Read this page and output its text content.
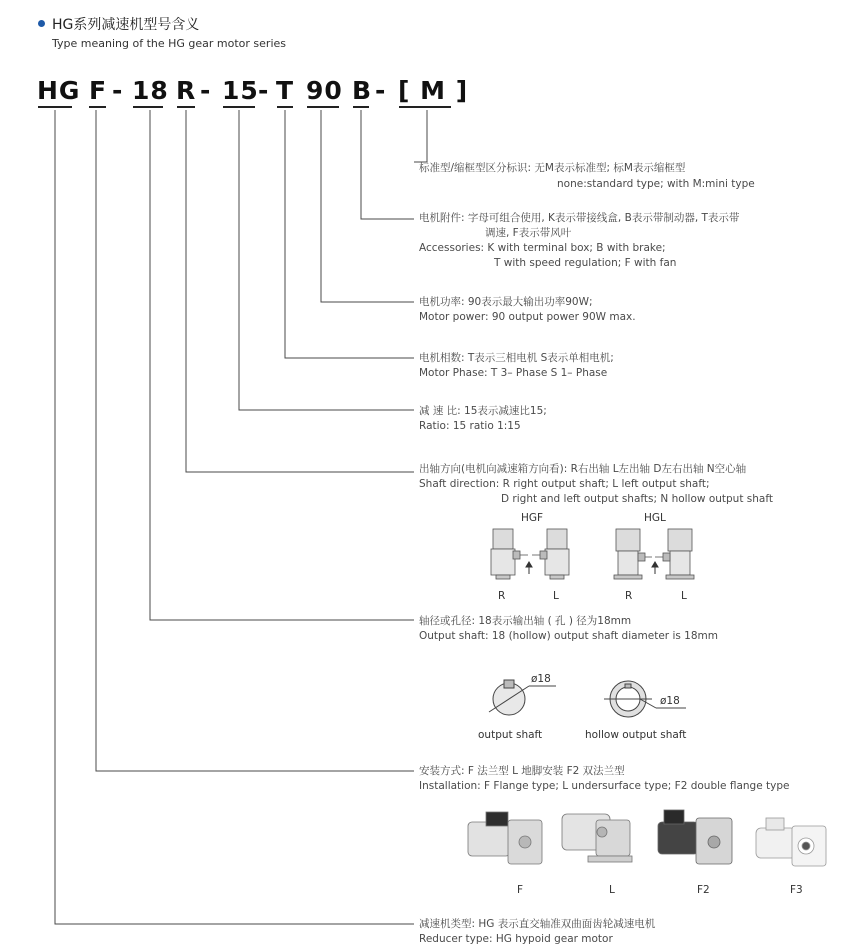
HG系列减速机型号含义
Type meaning of the HG gear motor series
HG F - 18 R - 15 - T 90 B - [ M ]
标准型/缩框型区分标识: 无M表示标准型; 标M表示缩框型
none:standard type; with M:mini type
电机附件: 字母可组合使用, K表示带接线盒, B表示带制动器, T表示带
调速, F表示带风叶
Accessories: K with terminal box; B with brake;
T with speed regulation; F with fan
电机功率: 90表示最大输出功率90W;
Motor power: 90 output power 90W max.
电机相数: T表示三相电机 S表示单相电机;
Motor Phase: T 3– Phase S 1– Phase
减 速 比: 15表示减速比15;
Ratio: 15 ratio 1:15
出轴方向(电机向减速箱方向看): R右出轴 L左出轴 D左右出轴 N空心轴
Shaft direction: R right output shaft; L left output shaft;
D right and left output shafts; N hollow output shaft
HGF	HGL
R	L	R	L
轴径或孔径: 18表示输出轴 ( 孔 ) 径为18mm
Output shaft: 18 (hollow) output shaft diameter is 18mm
ø18
ø18
output shaft	hollow output shaft
安装方式: F 法兰型 L 地脚安装 F2 双法兰型
Installation: F Flange type; L undersurface type; F2 double flange type
F	L	F2	F3
减速机类型: HG 表示直交轴准双曲面齿轮减速电机
Reducer type: HG hypoid gear motor
